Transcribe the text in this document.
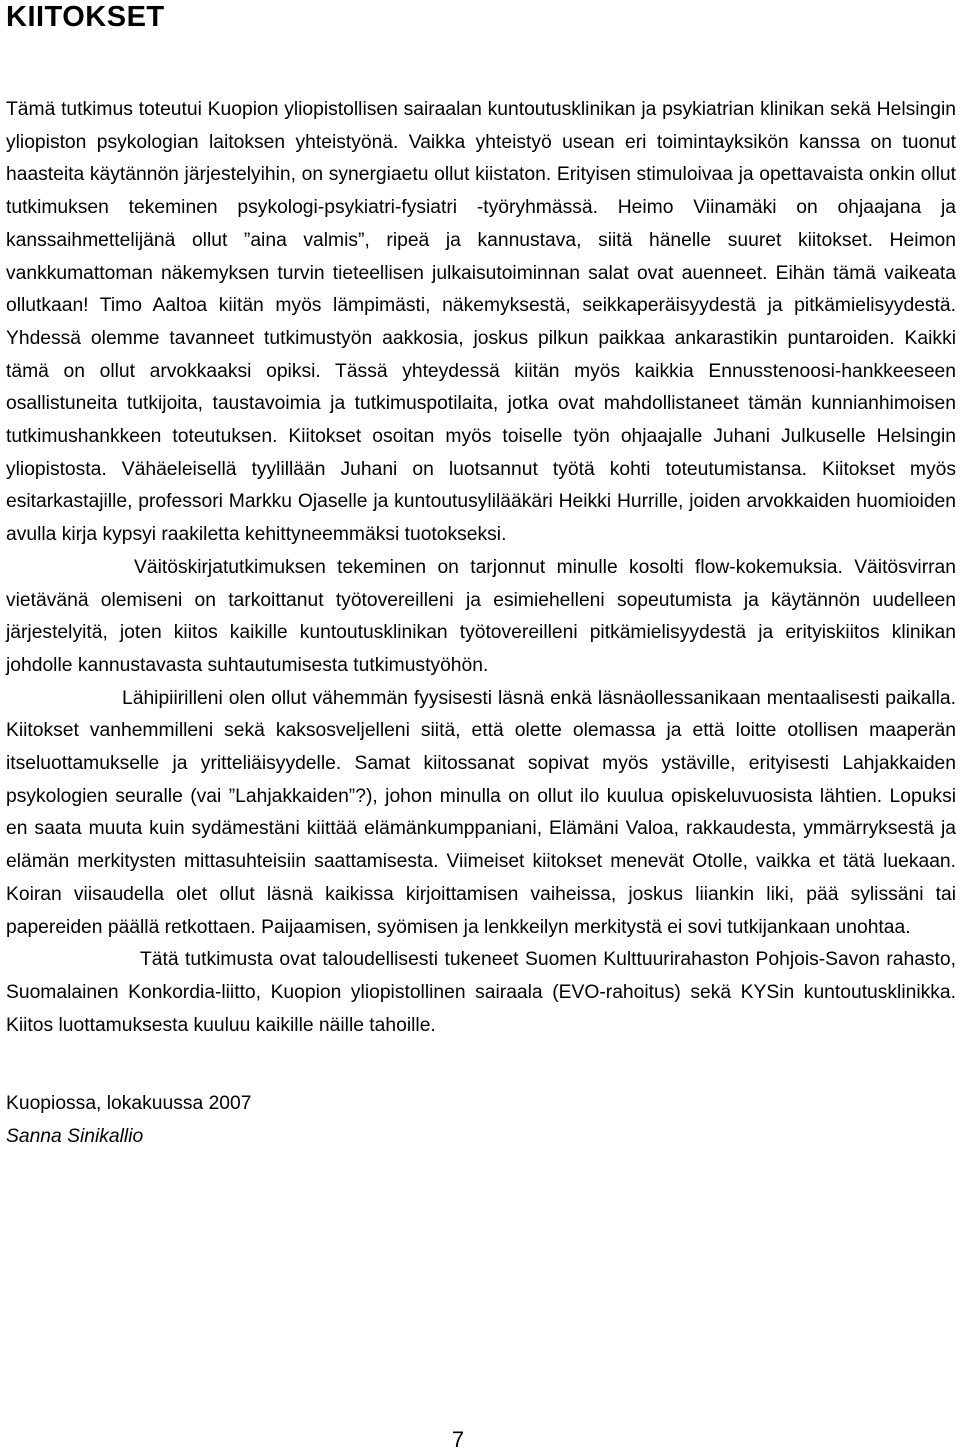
KIITOKSET

Tämä tutkimus toteutui Kuopion yliopistollisen sairaalan kuntoutusklinikan ja psykiatrian klinikan sekä Helsingin yliopiston psykologian laitoksen yhteistyönä. Vaikka yhteistyö usean eri toimintayksikön kanssa on tuonut haasteita käytännön järjestelyihin, on synergiaetu ollut kiistaton. Erityisen stimuloivaa ja opettavaista onkin ollut tutkimuksen tekeminen psykologi-psykiatri-fysiatri -työryhmässä. Heimo Viinamäki on ohjaajana ja kanssaihmettelijänä ollut ”aina valmis”, ripeä ja kannustava, siitä hänelle suuret kiitokset. Heimon vankkumattoman näkemyksen turvin tieteellisen julkaisutoiminnan salat ovat auenneet. Eihän tämä vaikeata ollutkaan! Timo Aaltoa kiitän myös lämpimästi, näkemyksestä, seikkaperäisyydestä ja pitkämielisyydestä. Yhdessä olemme tavanneet tutkimustyön aakkosia, joskus pilkun paikkaa ankarastikin puntaroiden. Kaikki tämä on ollut arvokkaaksi opiksi. Tässä yhteydessä kiitän myös kaikkia Ennusstenoosi-hankkeeseen osallistuneita tutkijoita, taustavoimia ja tutkimuspotilaita, jotka ovat mahdollistaneet tämän kunnianhimoisen tutkimushankkeen toteutuksen. Kiitokset osoitan myös toiselle työn ohjaajalle Juhani Julkuselle Helsingin yliopistosta. Vähäeleisellä tyylillään Juhani on luotsannut työtä kohti toteutumistansa. Kiitokset myös esitarkastajille, professori Markku Ojaselle ja kuntoutusylilääkäri Heikki Hurrille, joiden arvokkaiden huomioiden avulla kirja kypsyi raakiletta kehittyneemmäksi tuotokseksi.

Väitöskirjatutkimuksen tekeminen on tarjonnut minulle kosolti flow-kokemuksia. Väitösvirran vietävänä olemiseni on tarkoittanut työtovereilleni ja esimiehelleni sopeutumista ja käytännön uudelleen järjestelyitä, joten kiitos kaikille kuntoutusklinikan työtovereilleni pitkämielisyydestä ja erityiskiitos klinikan johdolle kannustavasta suhtautumisesta tutkimustyöhön.

Lähipiirilleni olen ollut vähemmän fyysisesti läsnä enkä läsnäollessanikaan mentaalisesti paikalla. Kiitokset vanhemmilleni sekä kaksosveljelleni siitä, että olette olemassa ja että loitte otollisen maaperän itseluottamukselle ja yritteliäisyydelle. Samat kiitossanat sopivat myös ystäville, erityisesti Lahjakkaiden psykologien seuralle (vai ”Lahjakkaiden”?), johon minulla on ollut ilo kuulua opiskeluvuosista lähtien. Lopuksi en saata muuta kuin sydämestäni kiittää elämänkumppaniani, Elämäni Valoa, rakkaudesta, ymmärryksestä ja elämän merkitysten mittasuhteisiin saattamisesta. Viimeiset kiitokset menevät Otolle, vaikka et tätä luekaan. Koiran viisaudella olet ollut läsnä kaikissa kirjoittamisen vaiheissa, joskus liiankin liki, pää sylissäni tai papereiden päällä retkottaen. Paijaamisen, syömisen ja lenkkeilyn merkitystä ei sovi tutkijankaan unohtaa.

Tätä tutkimusta ovat taloudellisesti tukeneet Suomen Kulttuurirahaston Pohjois-Savon rahasto, Suomalainen Konkordia-liitto, Kuopion yliopistollinen sairaala (EVO-rahoitus) sekä KYSin kuntoutusklinikka. Kiitos luottamuksesta kuuluu kaikille näille tahoille.

Kuopiossa, lokakuussa 2007

Sanna Sinikallio

7
